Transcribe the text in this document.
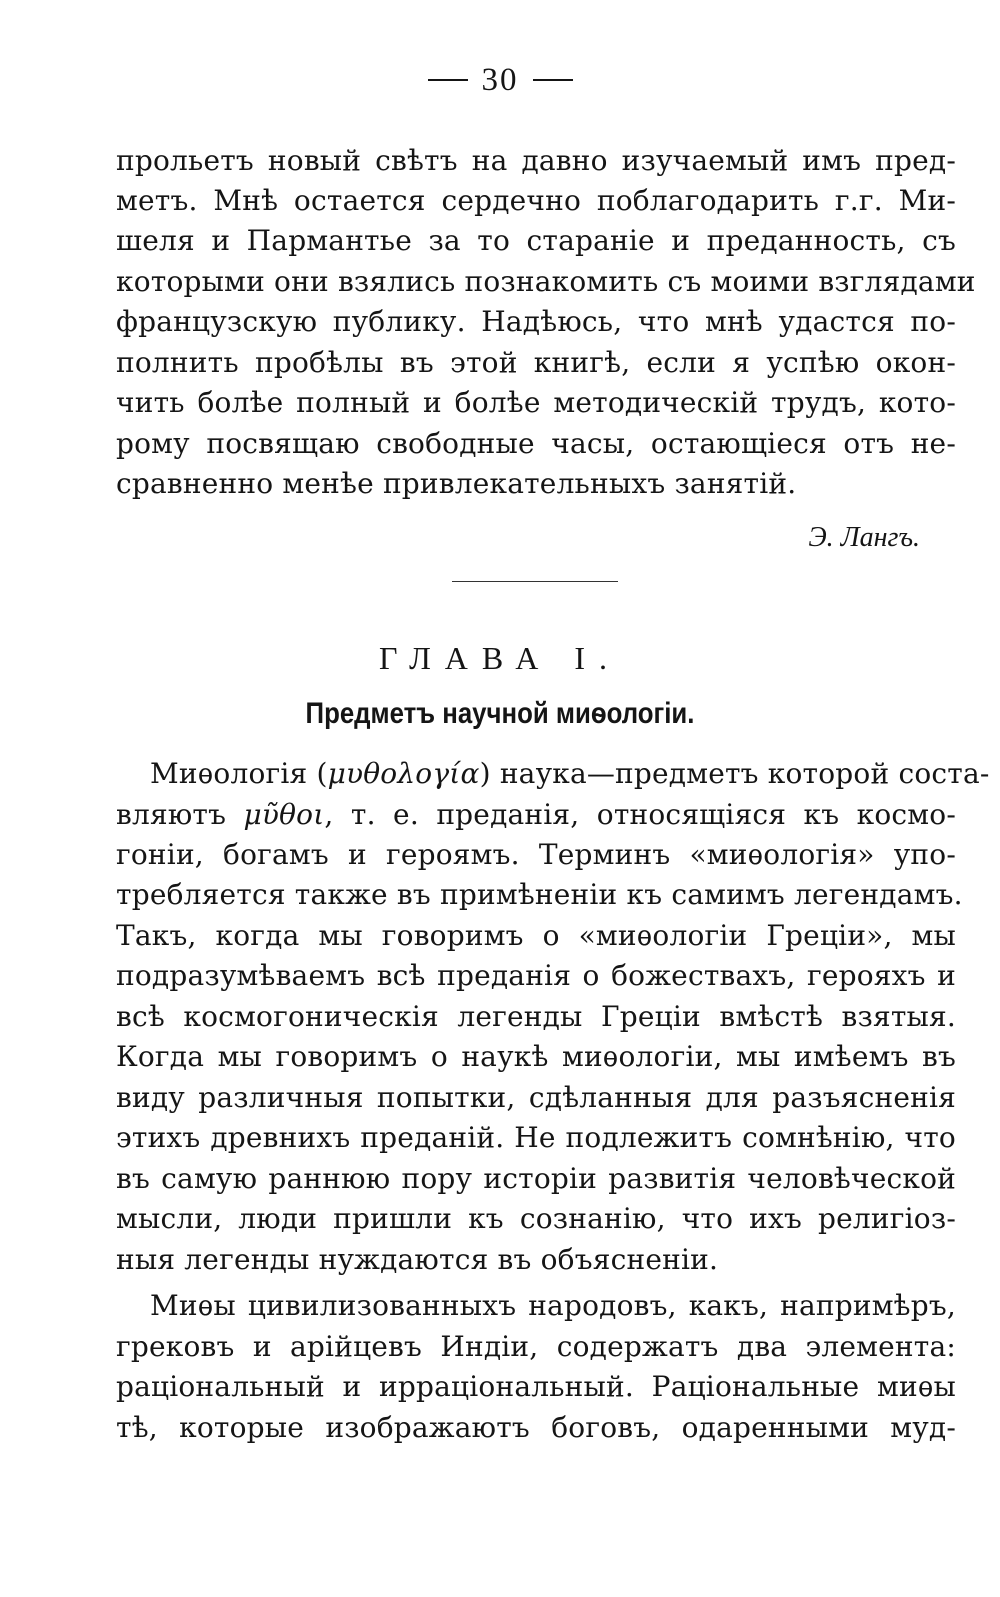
30
прольетъ новый свѣтъ на давно изучаемый имъ пред-
метъ. Мнѣ остается сердечно поблагодарить г.г. Ми-
шеля и Пармантье за то стараніе и преданность, съ
которыми они взялись познакомить съ моими взглядами
французскую публику. Надѣюсь, что мнѣ удастся по-
полнить пробѣлы въ этой книгѣ, если я успѣю окон-
чить болѣе полный и болѣе методическій трудъ, кото-
рому посвящаю свободные часы, остающіеся отъ не-
сравненно менѣе привлекательныхъ занятій.
Э. Лангъ.
ГЛАВА I.
Предметъ научной миѳологіи.
Миѳологія (μυθολογία) наука—предметъ которой соста-
вляютъ μῦθοι, т. е. преданія, относящіяся къ космо-
гоніи, богамъ и героямъ. Терминъ «миѳологія» упо-
требляется также въ примѣненіи къ самимъ легендамъ.
Такъ, когда мы говоримъ о «миѳологіи Греціи», мы
подразумѣваемъ всѣ преданія о божествахъ, герояхъ и
всѣ космогоническія легенды Греціи вмѣстѣ взятыя.
Когда мы говоримъ о наукѣ миѳологіи, мы имѣемъ въ
виду различныя попытки, сдѣланныя для разъясненія
этихъ древнихъ преданій. Не подлежитъ сомнѣнію, что
въ самую раннюю пору исторіи развитія человѣческой
мысли, люди пришли къ сознанію, что ихъ религіоз-
ныя легенды нуждаются въ объясненіи.
Миѳы цивилизованныхъ народовъ, какъ, напримѣръ,
грековъ и арійцевъ Индіи, содержатъ два элемента:
раціональный и ирраціональный. Раціональные миѳы
тѣ, которые изображаютъ боговъ, одаренными муд-
